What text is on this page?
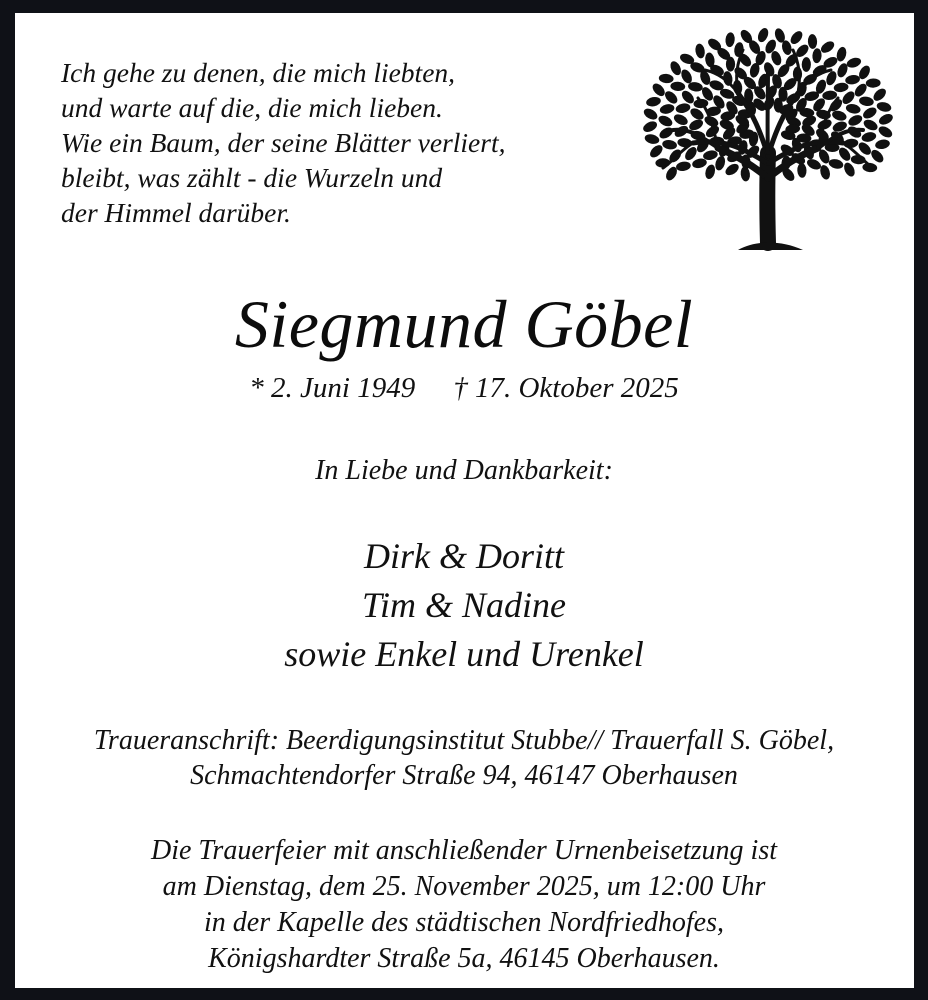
Ich gehe zu denen, die mich liebten,
und warte auf die, die mich lieben.
Wie ein Baum, der seine Blätter verliert,
bleibt, was zählt - die Wurzeln und
der Himmel darüber.
Siegmund Göbel
* 2. Juni 1949 † 17. Oktober 2025
In Liebe und Dankbarkeit:
Dirk & Doritt
Tim & Nadine
sowie Enkel und Urenkel
Traueranschrift: Beerdigungsinstitut Stubbe// Trauerfall S. Göbel,
Schmachtendorfer Straße 94, 46147 Oberhausen
Die Trauerfeier mit anschließender Urnenbeisetzung ist
am Dienstag, dem 25. November 2025, um 12:00 Uhr
in der Kapelle des städtischen Nordfriedhofes,
Königshardter Straße 5a, 46145 Oberhausen.
